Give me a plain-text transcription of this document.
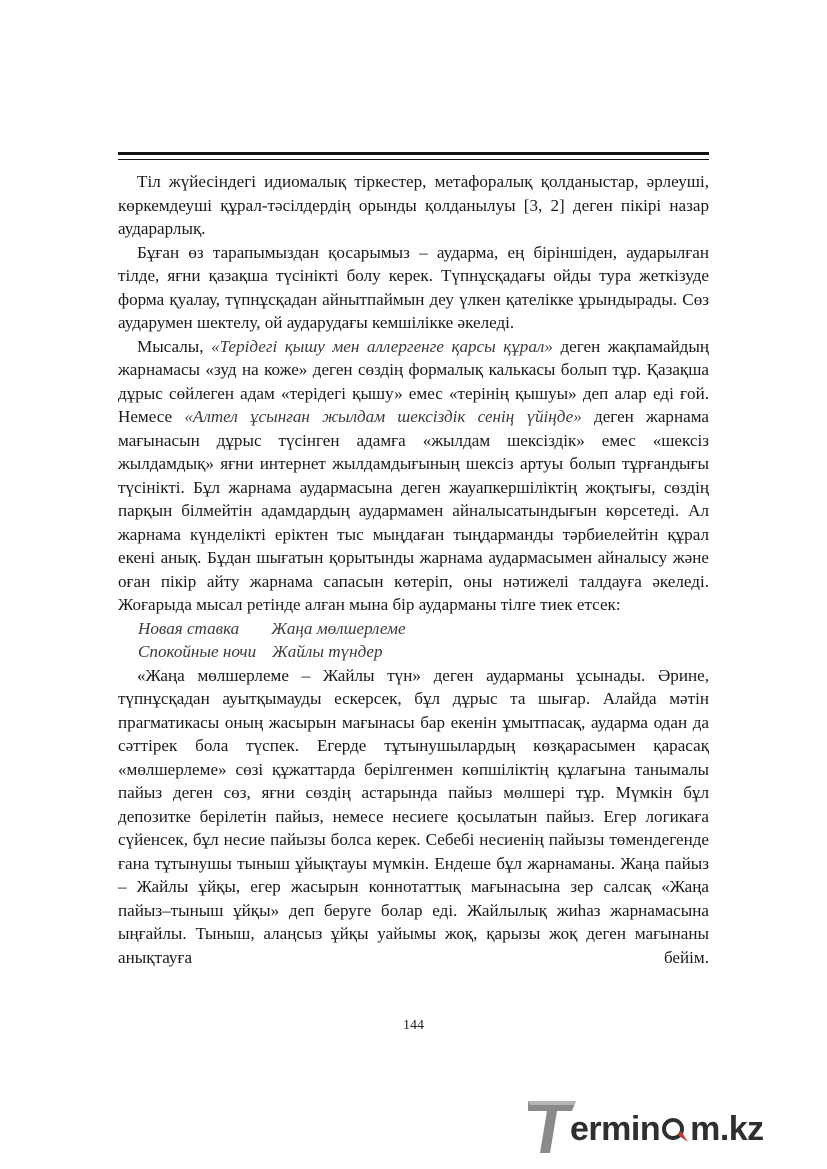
Тіл жүйесіндегі идиомалық тіркестер, метафоралық қолданыстар, әрлеуші, көркемдеуші құрал-тәсілдердің орынды қолданылуы [3, 2] деген пікірі назар аударарлық.

Бұған өз тарапымыздан қосарымыз – аударма, ең біріншіден, аударылған тілде, яғни қазақша түсінікті болу керек. Түпнұсқадағы ойды тура жеткізуде форма қуалау, түпнұсқадан айнытпаймын деу үлкен қателікке ұрындырады. Сөз аударумен шектелу, ой аударудағы кемшілікке әкеледі.

Мысалы, «Терідегі қышу мен аллергенге қарсы құрал» деген жақпамайдың жарнамасы «зуд на коже» деген сөздің формалық калькасы болып тұр. Қазақша дұрыс сөйлеген адам «терідегі қышу» емес «терінің қышуы» деп алар еді ғой. Немесе «Алтел ұсынған жылдам шексіздік сенің үйіңде» деген жарнама мағынасын дұрыс түсінген адамға «жылдам шексіздік» емес «шексіз жылдамдық» яғни интернет жылдамдығының шексіз артуы болып тұрғандығы түсінікті. Бұл жарнама аудармасына деген жауапкершіліктің жоқтығы, сөздің парқын білмейтін адамдардың аудармамен айналысатындығын көрсетеді. Ал жарнама күнделікті еріктен тыс мыңдаған тыңдарманды тәрбиелейтін құрал екені анық. Бұдан шығатын қорытынды жарнама аудармасымен айналысу және оған пікір айту жарнама сапасын көтеріп, оны нәтижелі талдауға әкеледі. Жоғарыда мысал ретінде алған мына бір аударманы тілге тиек етсек:

Новая ставка Жаңа мөлшерлеме
Спокойные ночи Жайлы түндер

«Жаңа мөлшерлеме – Жайлы түн» деген аударманы ұсынады. Әрине, түпнұсқадан ауытқымауды ескерсек, бұл дұрыс та шығар. Алайда мәтін прагматикасы оның жасырын мағынасы бар екенін ұмытпасақ, аударма одан да сәттірек бола түспек. Егерде тұтынушылардың көзқарасымен қарасақ «мөлшерлеме» сөзі құжаттарда берілгенмен көпшіліктің құлағына танымалы пайыз деген сөз, яғни сөздің астарында пайыз мөлшері тұр. Мүмкін бұл депозитке берілетін пайыз, немесе несиеге қосылатын пайыз. Егер логикаға сүйенсек, бұл несие пайызы болса керек. Себебі несиенің пайызы төмендегенде ғана тұтынушы тыныш ұйықтауы мүмкін. Ендеше бұл жарнаманы. Жаңа пайыз – Жайлы ұйқы, егер жасырын коннотаттық мағынасына зер салсақ «Жаңа пайыз–тыныш ұйқы» деп беруге болар еді. Жайлылық жиһаз жарнамасына ыңғайлы. Тыныш, алаңсыз ұйқы уайымы жоқ, қарызы жоқ деген мағынаны анықтауға бейім.

144
ermin m.kz
